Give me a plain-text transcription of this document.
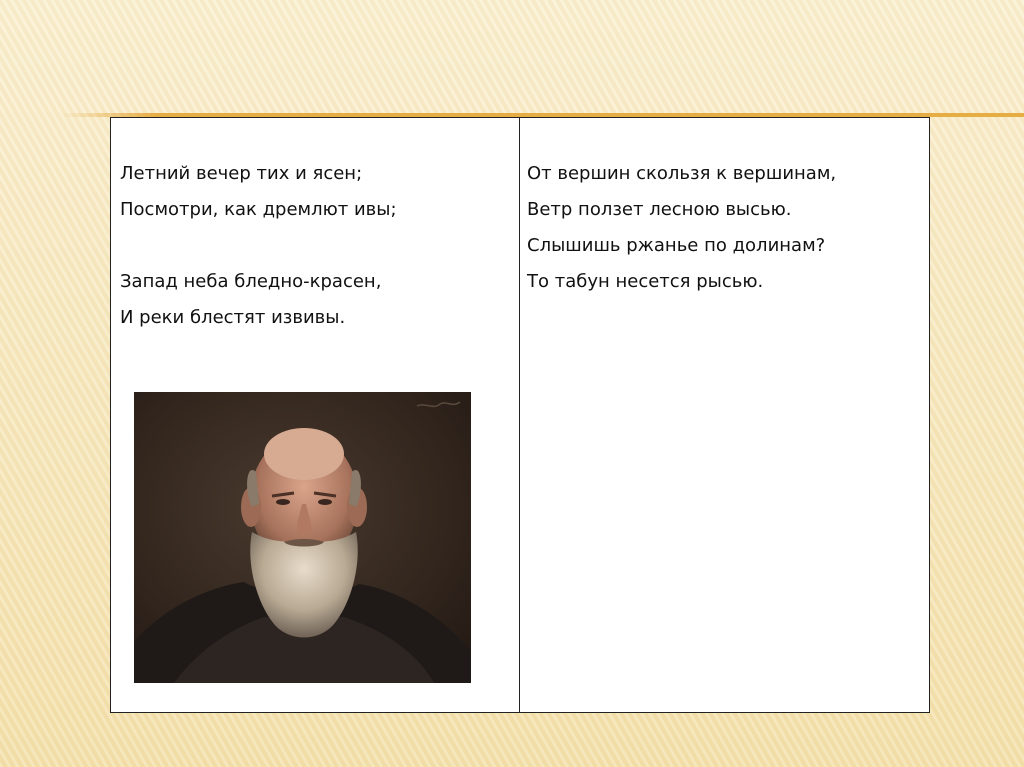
Летний вечер тих и ясен;
Посмотри, как дремлют ивы;
Запад неба бледно-красен,
И реки блестят извивы.
От вершин скользя к вершинам,
Ветр ползет лесною высью.
Слышишь ржанье по долинам?
То табун несется рысью.
